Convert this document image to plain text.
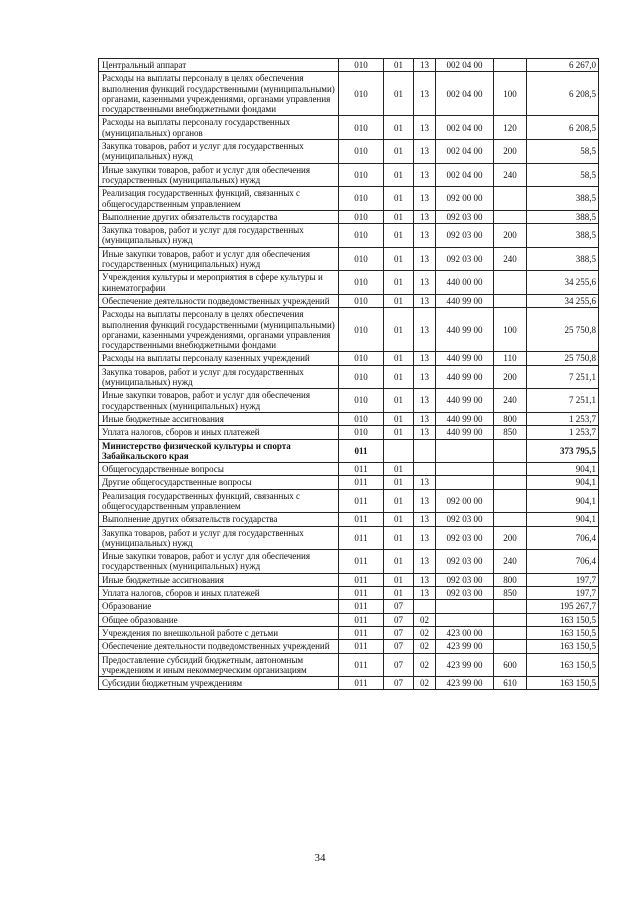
Центральный аппарат	010	01	13	002 04 00		6 267,0
Расходы на выплаты персоналу в целях обеспечения выполнения функций государственными (муниципальными) органами, казенными учреждениями, органами управления государственными внебюджетными фондами	010	01	13	002 04 00	100	6 208,5
Расходы на выплаты персоналу государственных (муниципальных) органов	010	01	13	002 04 00	120	6 208,5
Закупка товаров, работ и услуг для государственных (муниципальных) нужд	010	01	13	002 04 00	200	58,5
Иные закупки товаров, работ и услуг для обеспечения государственных (муниципальных) нужд	010	01	13	002 04 00	240	58,5
Реализация государственных функций, связанных с общегосударственным управлением	010	01	13	092 00 00		388,5
Выполнение других обязательств государства	010	01	13	092 03 00		388,5
Закупка товаров, работ и услуг для государственных (муниципальных) нужд	010	01	13	092 03 00	200	388,5
Иные закупки товаров, работ и услуг для обеспечения государственных (муниципальных) нужд	010	01	13	092 03 00	240	388,5
Учреждения культуры и мероприятия в сфере культуры и кинематографии	010	01	13	440 00 00		34 255,6
Обеспечение деятельности подведомственных учреждений	010	01	13	440 99 00		34 255,6
Расходы на выплаты персоналу в целях обеспечения выполнения функций государственными (муниципальными) органами, казенными учреждениями, органами управления государственными внебюджетными фондами	010	01	13	440 99 00	100	25 750,8
Расходы на выплаты персоналу казенных учреждений	010	01	13	440 99 00	110	25 750,8
Закупка товаров, работ и услуг для государственных (муниципальных) нужд	010	01	13	440 99 00	200	7 251,1
Иные закупки товаров, работ и услуг для обеспечения государственных (муниципальных) нужд	010	01	13	440 99 00	240	7 251,1
Иные бюджетные ассигнования	010	01	13	440 99 00	800	1 253,7
Уплата налогов, сборов и иных платежей	010	01	13	440 99 00	850	1 253,7
Министерство физической культуры и спорта Забайкальского края	011					373 795,5
Общегосударственные вопросы	011	01				904,1
Другие общегосударственные вопросы	011	01	13			904,1
Реализация государственных функций, связанных с общегосударственным управлением	011	01	13	092 00 00		904,1
Выполнение других обязательств государства	011	01	13	092 03 00		904,1
Закупка товаров, работ и услуг для государственных (муниципальных) нужд	011	01	13	092 03 00	200	706,4
Иные закупки товаров, работ и услуг для обеспечения государственных (муниципальных) нужд	011	01	13	092 03 00	240	706,4
Иные бюджетные ассигнования	011	01	13	092 03 00	800	197,7
Уплата налогов, сборов и иных платежей	011	01	13	092 03 00	850	197,7
Образование	011	07				195 267,7
Общее образование	011	07	02			163 150,5
Учреждения по внешкольной работе с детьми	011	07	02	423 00 00		163 150,5
Обеспечение деятельности подведомственных учреждений	011	07	02	423 99 00		163 150,5
Предоставление субсидий бюджетным, автономным учреждениям и иным некоммерческим организациям	011	07	02	423 99 00	600	163 150,5
Субсидии бюджетным учреждениям	011	07	02	423 99 00	610	163 150,5
34
